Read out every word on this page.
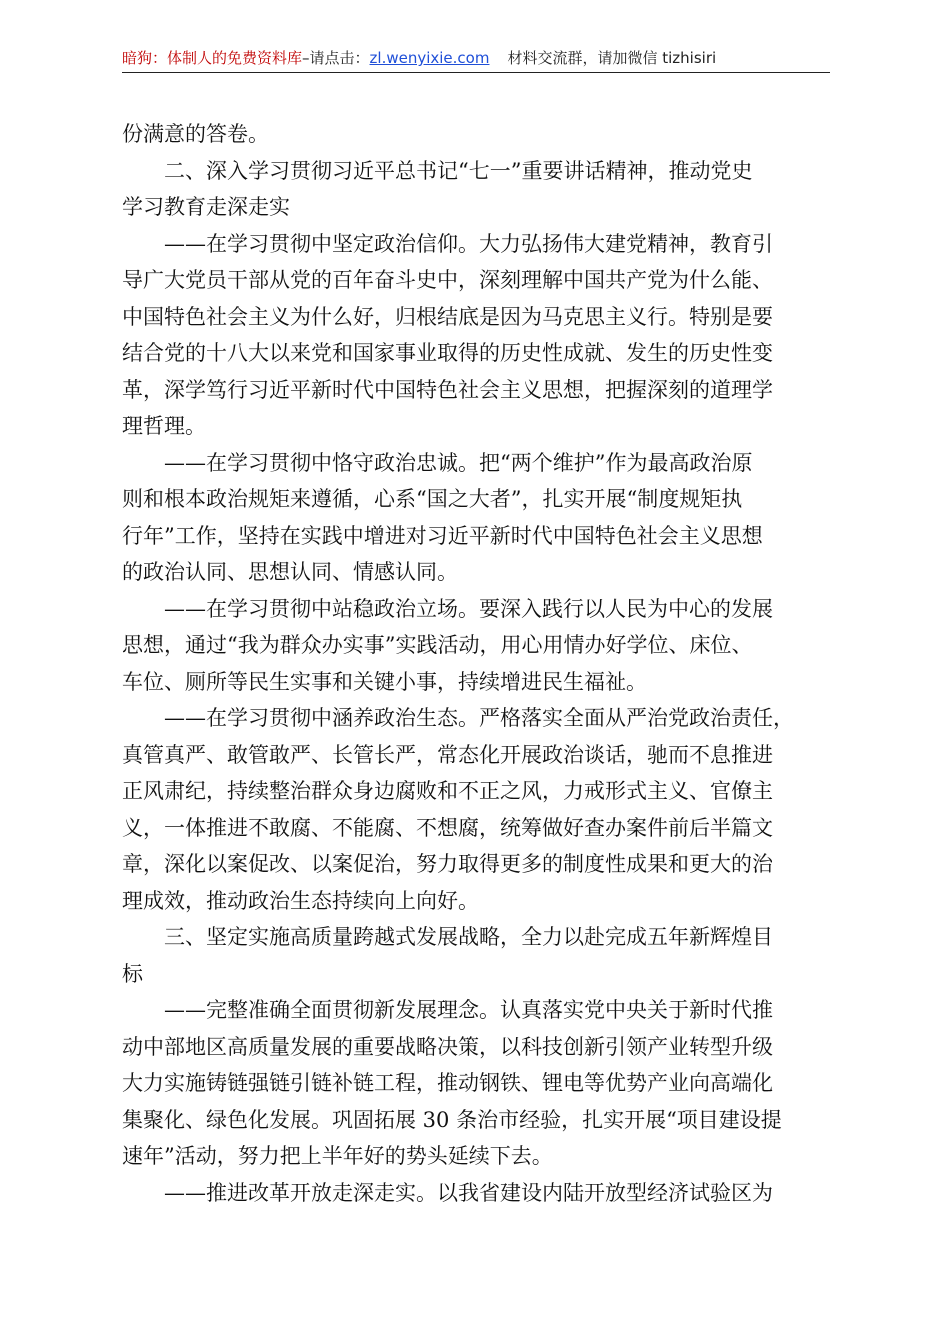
暗狗：体制人的免费资料库–请点击：zl.wenyixie.com 材料交流群，请加微信 tizhisiri
份满意的答卷。
二、深入学习贯彻习近平总书记“七一”重要讲话精神，推动党史
学习教育走深走实
——在学习贯彻中坚定政治信仰。大力弘扬伟大建党精神，教育引
导广大党员干部从党的百年奋斗史中，深刻理解中国共产党为什么能、
中国特色社会主义为什么好，归根结底是因为马克思主义行。特别是要
结合党的十八大以来党和国家事业取得的历史性成就、发生的历史性变
革，深学笃行习近平新时代中国特色社会主义思想，把握深刻的道理学
理哲理。
——在学习贯彻中恪守政治忠诚。把“两个维护”作为最高政治原
则和根本政治规矩来遵循，心系“国之大者”，扎实开展“制度规矩执
行年”工作，坚持在实践中增进对习近平新时代中国特色社会主义思想
的政治认同、思想认同、情感认同。
——在学习贯彻中站稳政治立场。要深入践行以人民为中心的发展
思想，通过“我为群众办实事”实践活动，用心用情办好学位、床位、
车位、厕所等民生实事和关键小事，持续增进民生福祉。
——在学习贯彻中涵养政治生态。严格落实全面从严治党政治责任，
真管真严、敢管敢严、长管长严，常态化开展政治谈话，驰而不息推进
正风肃纪，持续整治群众身边腐败和不正之风，力戒形式主义、官僚主
义，一体推进不敢腐、不能腐、不想腐，统筹做好查办案件前后半篇文
章，深化以案促改、以案促治，努力取得更多的制度性成果和更大的治
理成效，推动政治生态持续向上向好。
三、坚定实施高质量跨越式发展战略，全力以赴完成五年新辉煌目
标
——完整准确全面贯彻新发展理念。认真落实党中央关于新时代推
动中部地区高质量发展的重要战略决策，以科技创新引领产业转型升级
大力实施铸链强链引链补链工程，推动钢铁、锂电等优势产业向高端化
集聚化、绿色化发展。巩固拓展 30 条治市经验，扎实开展“项目建设提
速年”活动，努力把上半年好的势头延续下去。
——推进改革开放走深走实。以我省建设内陆开放型经济试验区为
